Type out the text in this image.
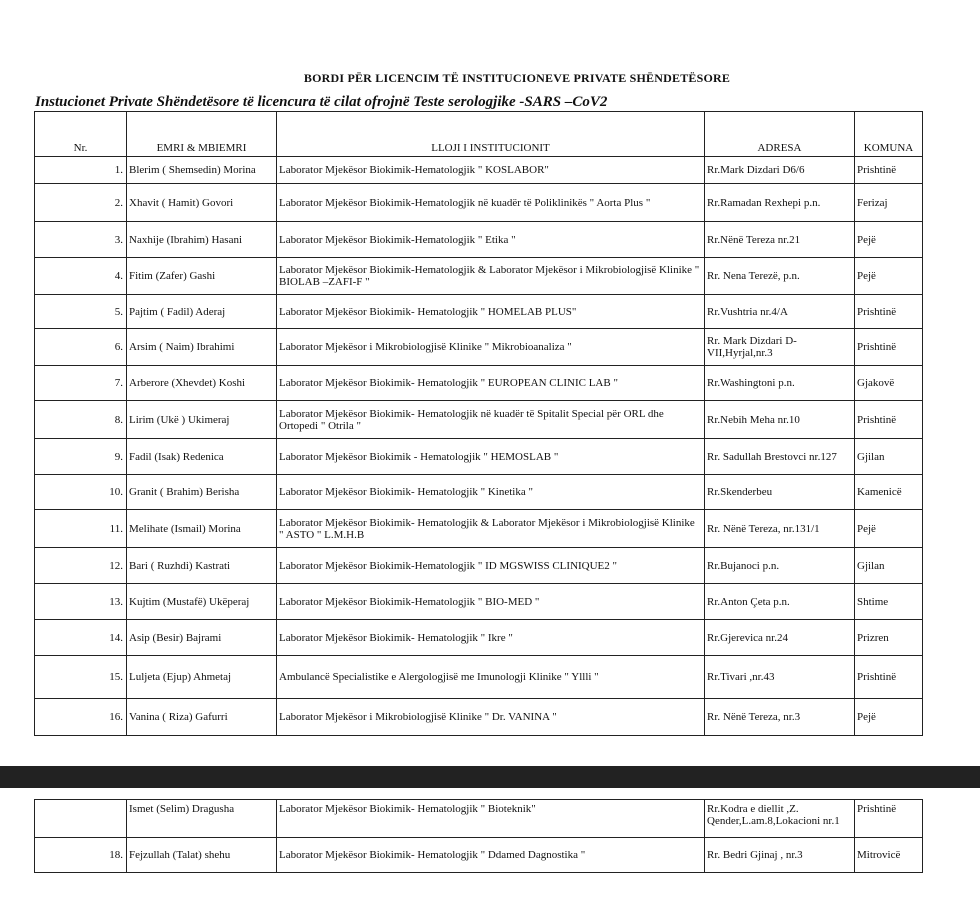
BORDI PËR LICENCIM TË INSTITUCIONEVE PRIVATE SHËNDETËSORE
Instucionet Private Shëndetësore të licencura të cilat ofrojnë Teste serologjike -SARS –CoV2
Nr.	EMRI & MBIEMRI	LLOJI I INSTITUCIONIT	ADRESA	KOMUNA
1.	Blerim ( Shemsedin) Morina	Laborator Mjekësor Biokimik-Hematologjik " KOSLABOR"	Rr.Mark Dizdari D6/6	Prishtinë
2.	Xhavit ( Hamit) Govori	Laborator Mjekësor Biokimik-Hematologjik në kuadër të Poliklinikës " Aorta Plus "	Rr.Ramadan Rexhepi p.n.	Ferizaj
3.	Naxhije (Ibrahim) Hasani	Laborator Mjekësor Biokimik-Hematologjik " Etika "	Rr.Nënë Tereza nr.21	Pejë
4.	Fitim (Zafer) Gashi	Laborator Mjekësor Biokimik-Hematologjik & Laborator Mjekësor i Mikrobiologjisë Klinike " BIOLAB –ZAFI-F "	Rr. Nena Terezë, p.n.	Pejë
5.	Pajtim ( Fadil) Aderaj	Laborator Mjekësor Biokimik- Hematologjik " HOMELAB PLUS"	Rr.Vushtria nr.4/A	Prishtinë
6.	Arsim ( Naim) Ibrahimi	Laborator Mjekësor i Mikrobiologjisë Klinike " Mikrobioanaliza "	Rr. Mark Dizdari D-VII,Hyrjal,nr.3	Prishtinë
7.	Arberore (Xhevdet) Koshi	Laborator Mjekësor Biokimik- Hematologjik " EUROPEAN CLINIC LAB "	Rr.Washingtoni p.n.	Gjakovë
8.	Lirim (Ukë ) Ukimeraj	Laborator Mjekësor Biokimik- Hematologjik në kuadër të Spitalit Special për ORL dhe Ortopedi " Otrila "	Rr.Nebih Meha nr.10	Prishtinë
9.	Fadil (Isak) Redenica	Laborator Mjekësor Biokimik - Hematologjik " HEMOSLAB "	Rr. Sadullah Brestovci nr.127	Gjilan
10.	Granit ( Brahim) Berisha	Laborator Mjekësor Biokimik- Hematologjik " Kinetika "	Rr.Skenderbeu	Kamenicë
11.	Melihate (Ismail) Morina	Laborator Mjekësor Biokimik- Hematologjik & Laborator Mjekësor i Mikrobiologjisë Klinike " ASTO " L.M.H.B	Rr. Nënë Tereza, nr.131/1	Pejë
12.	Bari ( Ruzhdi) Kastrati	Laborator Mjekësor Biokimik-Hematologjik " ID MGSWISS CLINIQUE2 "	Rr.Bujanoci p.n.	Gjilan
13.	Kujtim (Mustafë) Ukëperaj	Laborator Mjekësor Biokimik-Hematologjik " BIO-MED "	Rr.Anton Çeta p.n.	Shtime
14.	Asip (Besir) Bajrami	Laborator Mjekësor Biokimik- Hematologjik " Ikre "	Rr.Gjerevica nr.24	Prizren
15.	Luljeta (Ejup) Ahmetaj	Ambulancë Specialistike e Alergologjisë me Imunologji Klinike " Yllli "	Rr.Tivari ,nr.43	Prishtinë
16.	Vanina ( Riza) Gafurri	Laborator Mjekësor i Mikrobiologjisë Klinike " Dr. VANINA "	Rr. Nënë Tereza, nr.3	Pejë
	Ismet (Selim) Dragusha	Laborator Mjekësor Biokimik- Hematologjik " Bioteknik"	Rr.Kodra e diellit ,Z. Qender,L.am.8,Lokacioni nr.1	Prishtinë
18.	Fejzullah (Talat) shehu	Laborator Mjekësor Biokimik- Hematologjik " Ddamed Dagnostika "	Rr. Bedri Gjinaj , nr.3	Mitrovicë
